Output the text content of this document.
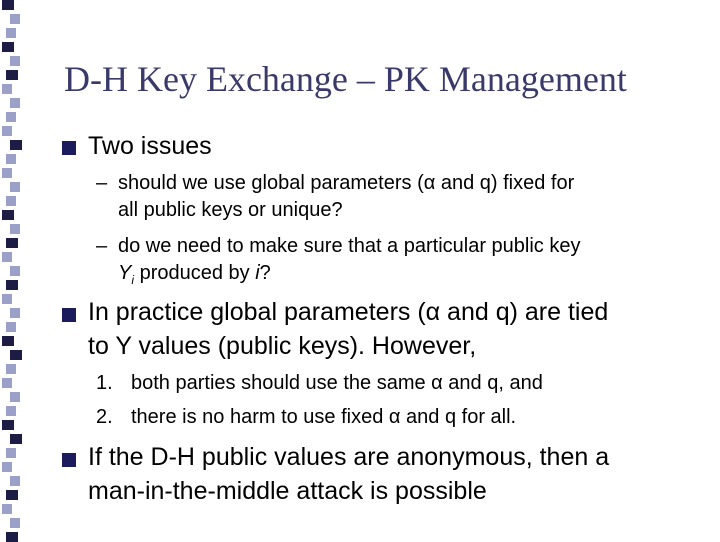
D-H Key Exchange – PK Management
Two issues
– should we use global parameters (α and q) fixed for
all public keys or unique?
– do we need to make sure that a particular public key
$Y_i$ produced by i?
In practice global parameters (α and q) are tied
to Y values (public keys). However,
1. both parties should use the same α and q, and
2. there is no harm to use fixed α and q for all.
If the D-H public values are anonymous, then a
man-in-the-middle attack is possible
